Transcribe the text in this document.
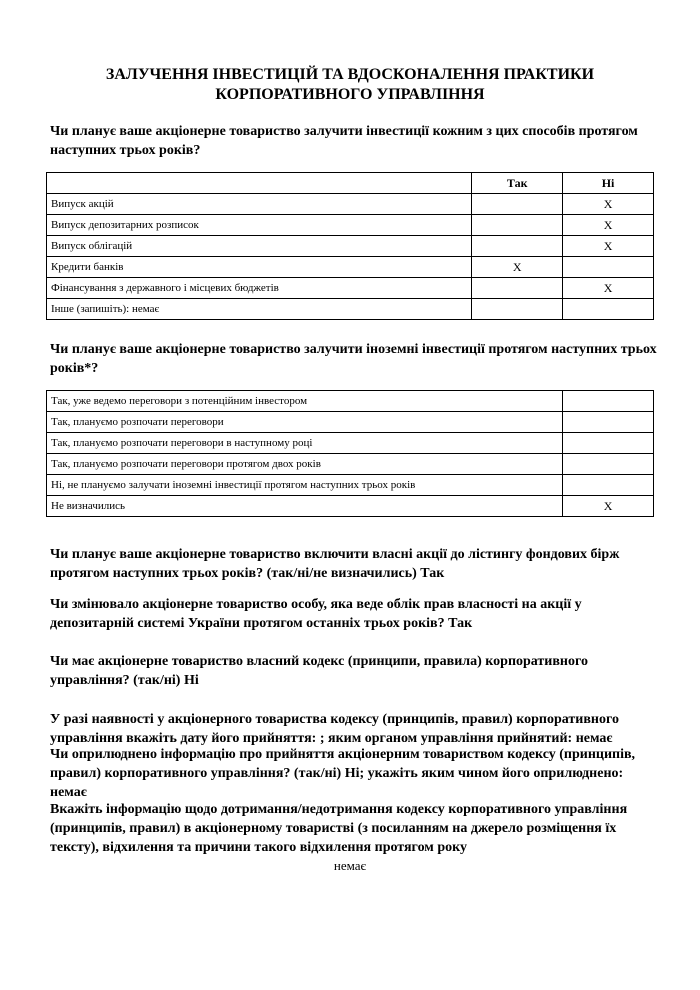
ЗАЛУЧЕННЯ ІНВЕСТИЦІЙ ТА ВДОСКОНАЛЕННЯ ПРАКТИКИ КОРПОРАТИВНОГО УПРАВЛІННЯ
Чи планує ваше акціонерне товариство залучити інвестиції кожним з цих способів протягом наступних трьох років?
	Так	Ні
Випуск акцій		X
Випуск депозитарних розписок		X
Випуск облігацій		X
Кредити банків	X	
Фінансування з державного і місцевих бюджетів		X
Інше (запишіть): немає		
Чи планує ваше акціонерне товариство залучити іноземні інвестиції протягом наступних трьох років*?
Так, уже ведемо переговори з потенційним інвестором	
Так, плануємо розпочати переговори	
Так, плануємо розпочати переговори в наступному році	
Так, плануємо розпочати переговори протягом двох років	
Ні, не плануємо залучати іноземні інвестиції протягом наступних трьох років	
Не визначились	X
Чи планує ваше акціонерне товариство включити власні акції до лістингу фондових бірж протягом наступних трьох років? (так/ні/не визначились) Так
Чи змінювало акціонерне товариство особу, яка веде облік прав власності на акції у депозитарній системі України протягом останніх трьох років? Так
Чи має акціонерне товариство власний кодекс (принципи, правила) корпоративного управління? (так/ні) Ні
У разі наявності у акціонерного товариства кодексу (принципів, правил) корпоративного управління вкажіть дату його прийняття: ; яким органом управління прийнятий: немає
Чи оприлюднено інформацію про прийняття акціонерним товариством кодексу (принципів, правил) корпоративного управління? (так/ні) Ні; укажіть яким чином його оприлюднено: немає
Вкажіть інформацію щодо дотримання/недотримання кодексу корпоративного управління (принципів, правил) в акціонерному товаристві (з посиланням на джерело розміщення їх тексту), відхилення та причини такого відхилення протягом року
немає
